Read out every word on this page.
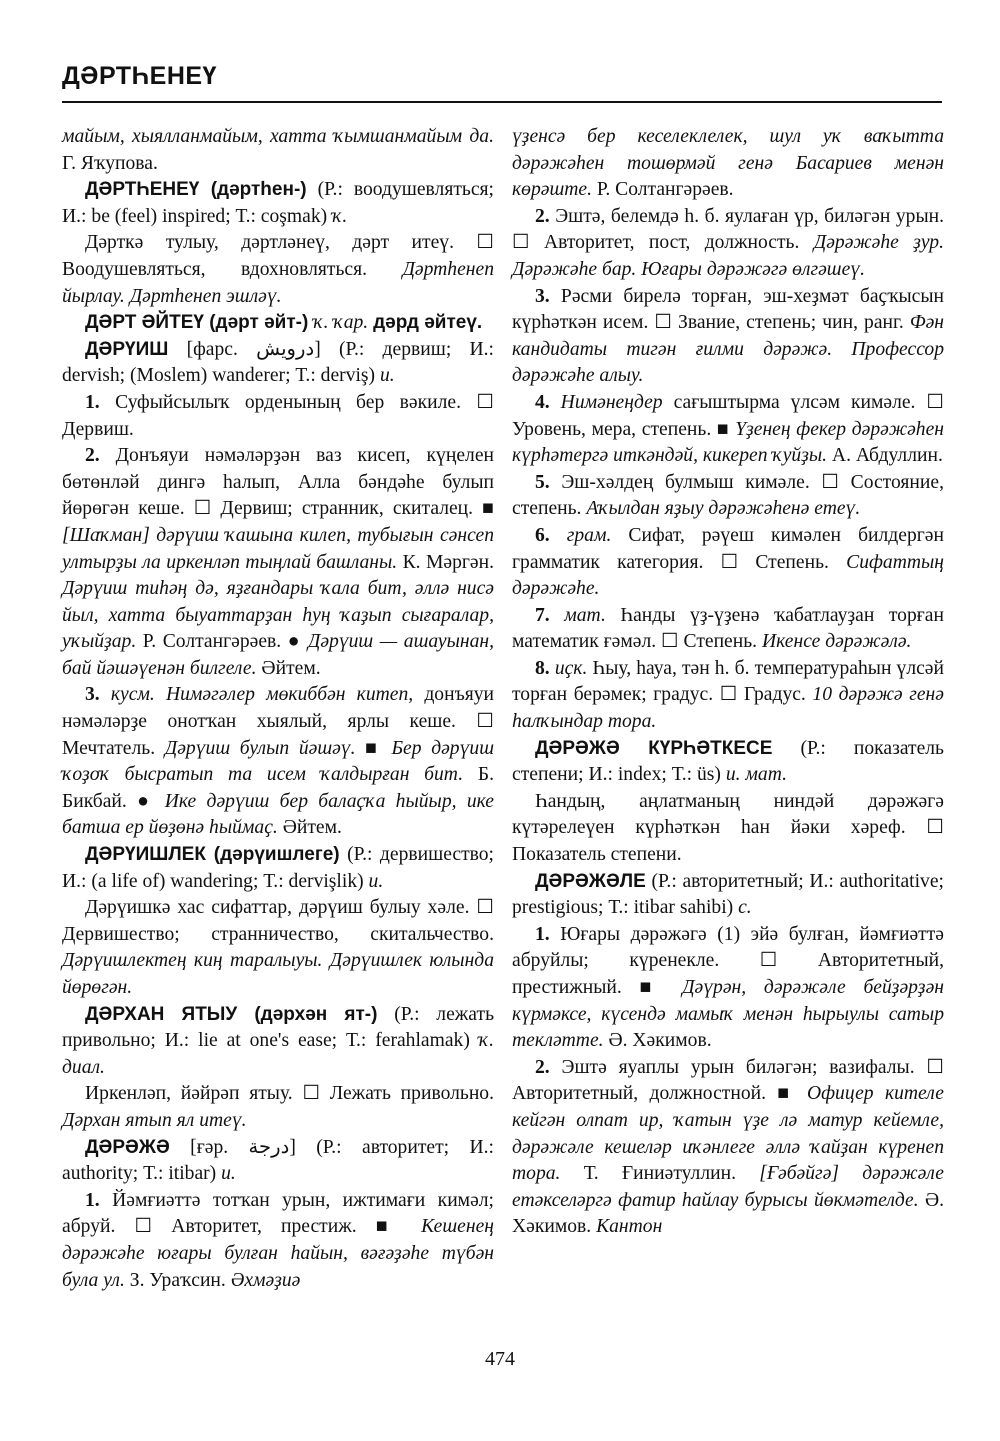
ДӘРТҺЕНЕҮ

майым, хыялланмайым, хатта ҡымшанмайым да. Г. Яҡупова.

ДӘРТҺЕНЕҮ (дәртһен-) (Р.: воодушевляться; И.: be (feel) inspired; Т.: coşmak) ҡ.

Дәрткә тулыу, дәртләнеү, дәрт итеү. ☐ Воодушевляться, вдохновляться. Дәртһенеп йырлау. Дәртһенеп эшләү.

ДӘРТ ӘЙТЕҮ (дәрт әйт-) ҡ. ҡар. дәрд әйтеү.

ДӘРҮИШ [фарс. درویش] (Р.: дервиш; И.: dervish; (Moslem) wanderer; Т.: derviş) и.

1. Суфыйсылыҡ орденының бер вәкиле. ☐ Дервиш.

2. Донъяуи нәмәләрҙән ваз кисеп, күңелен бөтөнләй дингә һалып, Алла бәндәһе булып йөрөгән кеше. ☐ Дервиш; странник, скиталец. ■ [Шаҡман] дәрүиш ҡашына килеп, тубығын сәнсеп ултырҙы ла иркенләп тыңлай башланы. К. Мәргән. Дәрүиш тиһәң дә, яҙғандары ҡала бит, әллә нисә йыл, хатта быуаттарҙан һуң ҡаҙып сығаралар, уҡыйҙар. Р. Солтангәрәев. ● Дәрүиш — ашауынан, бай йәшәүенән билгеле. Әйтем.

3. кусм. Нимәгәлер мөкиббән китеп, донъяуи нәмәләрҙе онотҡан хыялый, ярлы кеше. ☐ Мечтатель. Дәрүиш булып йәшәү. ■ Бер дәрүиш ҡоҙоҡ бысратып та исем ҡалдырған бит. Б. Бикбай. ● Ике дәрүиш бер балаҫҡа һыйыр, ике батша ер йөҙөнә һыймаҫ. Әйтем.

ДӘРҮИШЛЕК (дәрүишлеге) (Р.: дервишество; И.: (a life of) wandering; Т.: dervişlik) и.

Дәрүишкә хас сифаттар, дәрүиш булыу хәле. ☐ Дервишество; странничество, скитальчество. Дәрүишлектең киң таралыуы. Дәрүишлек юлында йөрөгән.

ДӘРХАН ЯТЫУ (дәрхән ят-) (Р.: лежать привольно; И.: lie at one's ease; Т.: ferahlamak) ҡ. диал.

Иркенләп, йәйрәп ятыу. ☐ Лежать привольно. Дәрхан ятып ял итеү.

ДӘРӘЖӘ [ғәр. درجة] (Р.: авторитет; И.: authority; Т.: itibar) и.

1. Йәмғиәттә тотҡан урын, ижтимағи кимәл; абруй. ☐ Авторитет, престиж. ■ Кешенең дәрәжәһе юғары булған һайын, вәғәҙәһе түбән була ул. З. Ураҡсин. Әхмәҙиә

үҙенсә бер кеселеклелек, шул уҡ ваҡытта дәрәжәһен тошөрмәй генә Басариев менән көрәште. Р. Солтангәрәев.

2. Эштә, белемдә һ. б. яулаған үр, биләгән урын. ☐ Авторитет, пост, должность. Дәрәжәһе ҙур. Дәрәжәһе бар. Юғары дәрәжәгә өлгәшеү.

3. Рәсми бирелә торған, эш-хеҙмәт баҫҡысын күрһәткән исем. ☐ Звание, степень; чин, ранг. Фән кандидаты тигән ғилми дәрәжә. Профессор дәрәжәһе алыу.

4. Нимәнеңдер сағыштырма үлсәм кимәле. ☐ Уровень, мера, степень. ■ Үҙенең фекер дәрәжәһен күрһәтергә иткәндәй, кикереп ҡуйҙы. А. Абдуллин.

5. Эш-хәлдең булмыш кимәле. ☐ Состояние, степень. Аҡылдан яҙыу дәрәжәһенә етеү.

6. грам. Сифат, рәүеш кимәлен билдергән грамматик категория. ☐ Степень. Сифаттың дәрәжәһе.

7. мат. Һанды үҙ-үҙенә ҡабатлауҙан торған математик ғәмәл. ☐ Степень. Икенсе дәрәжәлә.

8. иҫк. Һыу, һауа, тән һ. б. температураһын үлсәй торған берәмек; градус. ☐ Градус. 10 дәрәжә генә һалҡындар тора.

ДӘРӘЖӘ КҮРҺӘТКЕСЕ (Р.: показатель степени; И.: index; Т.: üs) и. мат.

Һандың, аңлатманың ниндәй дәрәжәгә күтәрелеүен күрһәткән һан йәки хәреф. ☐ Показатель степени.

ДӘРӘЖӘЛЕ (Р.: авторитетный; И.: authoritative; prestigious; Т.: itibar sahibi) с.

1. Юғары дәрәжәгә (1) эйә булған, йәмғиәттә абруйлы; күренекле. ☐ Авторитетный, престижный. ■ Дәүрән, дәрәжәле бейҙәрҙән күрмәксе, күсендә мамыҡ менән һырыулы сатыр текләтте. Ә. Хәкимов.

2. Эштә яуаплы урын биләгән; вазифалы. ☐ Авторитетный, должностной. ■ Офицер кителе кейгән олпат ир, ҡатын үҙе лә матур кейемле, дәрәжәле кешеләр иҡәнлеге әллә ҡайҙан күренеп тора. Т. Ғиниәтуллин. [Ғәбәйгә] дәрәжәле етәкселәргә фатир һайлау бурысы йөкмәтелде. Ә. Хәкимов. Кантон

474
